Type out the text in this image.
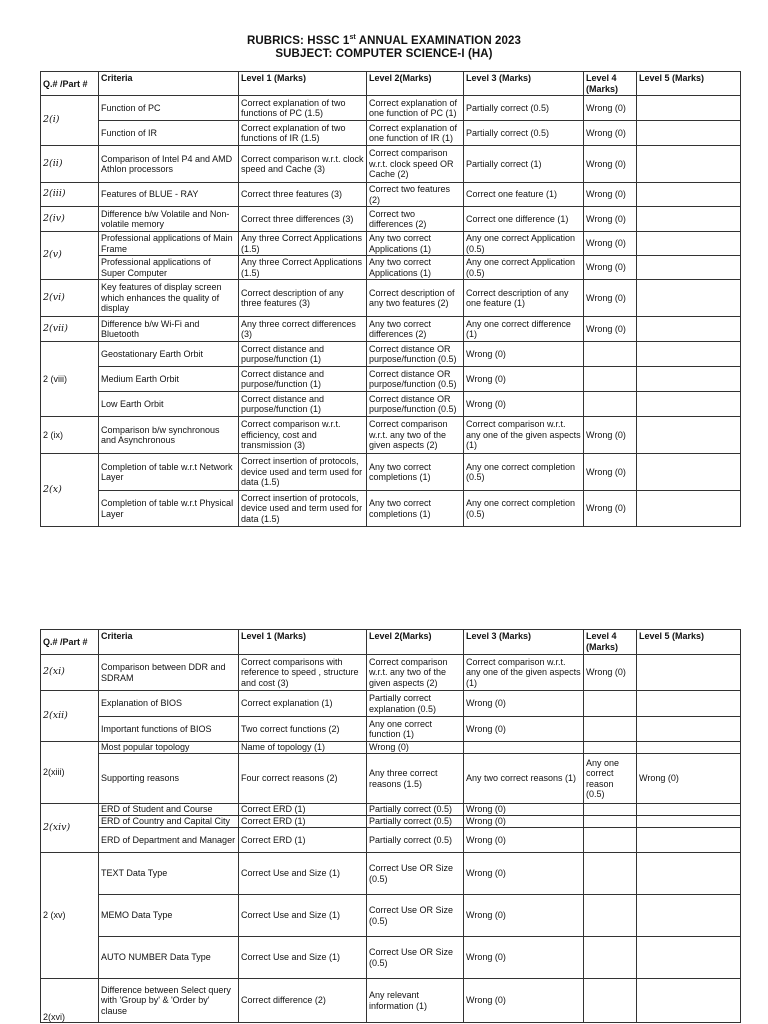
RUBRICS: HSSC 1st ANNUAL EXAMINATION 2023
SUBJECT: COMPUTER SCIENCE-I (HA)
Q.# /Part #	Criteria	Level 1 (Marks)	Level 2(Marks)	Level 3 (Marks)	Level 4 (Marks)	Level 5 (Marks)
2(i)	Function of PC	Correct explanation of two functions of PC (1.5)	Correct explanation of one function of PC (1)	Partially correct (0.5)	Wrong (0)	
	Function of IR	Correct explanation of two functions of IR (1.5)	Correct explanation of one function of IR (1)	Partially correct (0.5)	Wrong (0)	
2(ii)	Comparison of Intel P4 and AMD Athlon processors	Correct comparison w.r.t. clock speed and Cache (3)	Correct comparison w.r.t. clock speed OR Cache (2)	Partially correct (1)	Wrong (0)	
2(iii)	Features of BLUE - RAY	Correct three features (3)	Correct two features (2)	Correct one feature (1)	Wrong (0)	
2(iv)	Difference b/w Volatile and Non-volatile memory	Correct three differences (3)	Correct two differences (2)	Correct one difference (1)	Wrong (0)	
2(v)	Professional applications of Main Frame	Any three Correct Applications (1.5)	Any two correct Applications (1)	Any one correct Application (0.5)	Wrong (0)	
	Professional applications of Super Computer	Any three Correct Applications (1.5)	Any two correct Applications (1)	Any one correct Application (0.5)	Wrong (0)	
2(vi)	Key features of display screen which enhances the quality of display	Correct description of any three features (3)	Correct description of any two features (2)	Correct description of any one feature (1)	Wrong (0)	
2(vii)	Difference b/w Wi-Fi and Bluetooth	Any three correct differences (3)	Any two correct differences (2)	Any one correct difference (1)	Wrong (0)	
2 (viii)	Geostationary Earth Orbit	Correct distance and purpose/function (1)	Correct distance OR purpose/function (0.5)	Wrong (0)		
	Medium Earth Orbit	Correct distance and purpose/function (1)	Correct distance OR purpose/function (0.5)	Wrong (0)		
	Low Earth Orbit	Correct distance and purpose/function (1)	Correct distance OR purpose/function (0.5)	Wrong (0)		
2 (ix)	Comparison b/w synchronous and Asynchronous	Correct comparison w.r.t. efficiency, cost and transmission (3)	Correct comparison w.r.t. any two of the given aspects (2)	Correct comparison w.r.t. any one of the given aspects (1)	Wrong (0)	
2(x)	Completion of table w.r.t Network Layer	Correct insertion of protocols, device used and term used for data (1.5)	Any two correct completions (1)	Any one correct completion (0.5)	Wrong (0)	
	Completion of table w.r.t Physical Layer	Correct insertion of protocols, device used and term used for data (1.5)	Any two correct completions (1)	Any one correct completion (0.5)	Wrong (0)	
Q.# /Part #	Criteria	Level 1 (Marks)	Level 2(Marks)	Level 3 (Marks)	Level 4 (Marks)	Level 5 (Marks)
2(xi)	Comparison between DDR and SDRAM	Correct comparisons with reference to speed , structure and cost (3)	Correct comparison w.r.t. any two of the given aspects (2)	Correct comparison w.r.t. any one of the given aspects (1)	Wrong (0)	
2(xii)	Explanation of BIOS	Correct explanation (1)	Partially correct explanation (0.5)	Wrong (0)		
	Important functions of BIOS	Two correct functions (2)	Any one correct function (1)	Wrong (0)		
2(xiii)	Most popular topology	Name of topology (1)	Wrong (0)			
	Supporting reasons	Four correct reasons (2)	Any three correct reasons (1.5)	Any two correct reasons (1)	Any one correct reason (0.5)	Wrong (0)
2(xiv)	ERD of Student and Course	Correct ERD (1)	Partially correct (0.5)	Wrong (0)		
	ERD of Country and Capital City	Correct ERD (1)	Partially correct (0.5)	Wrong (0)		
	ERD of Department and Manager	Correct ERD (1)	Partially correct (0.5)	Wrong (0)		
2 (xv)	TEXT Data Type	Correct Use and Size (1)	Correct Use OR Size (0.5)	Wrong (0)		
	MEMO Data Type	Correct Use and Size (1)	Correct Use OR Size (0.5)	Wrong (0)		
	AUTO NUMBER Data Type	Correct Use and Size (1)	Correct Use OR Size (0.5)	Wrong (0)		
2(xvi)	Difference between Select query with 'Group by' & 'Order by' clause	Correct difference (2)	Any relevant information (1)	Wrong (0)		
